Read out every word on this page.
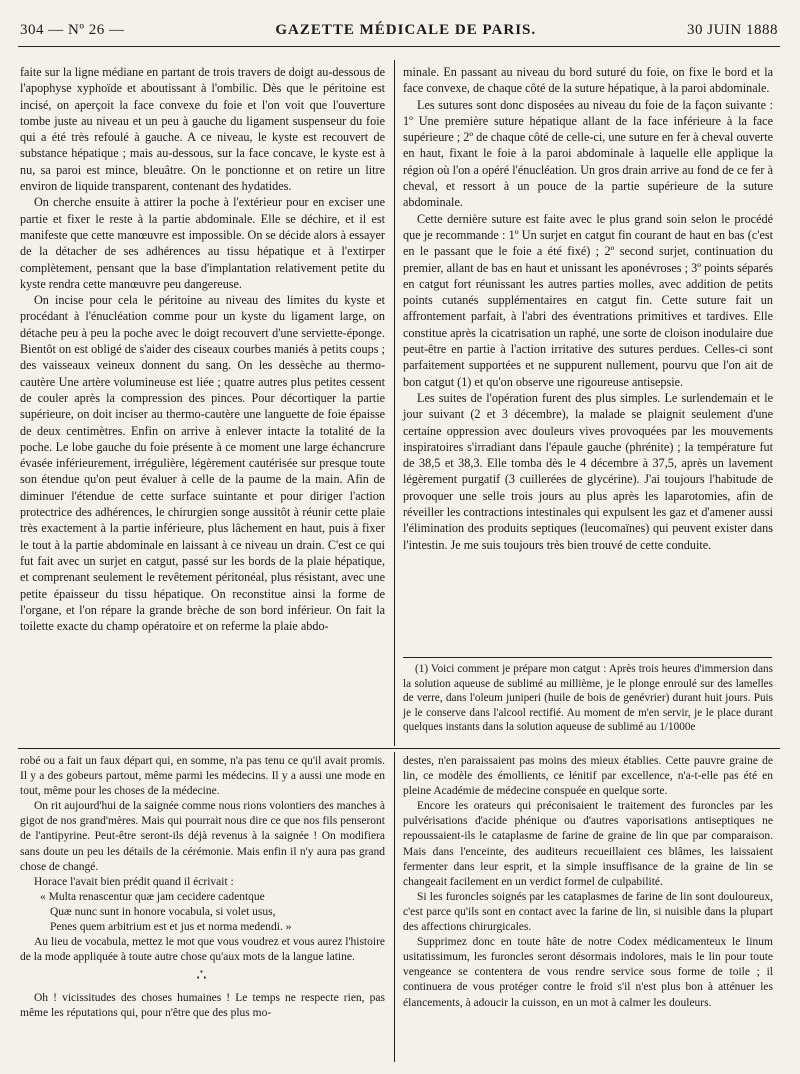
304 — Nº 26 —	GAZETTE MÉDICALE DE PARIS.	30 JUIN 1888

faite sur la ligne médiane en partant de trois travers de doigt au-dessous de l'apophyse xyphoïde et aboutissant à l'ombilic. Dès que le péritoine est incisé, on aperçoit la face convexe du foie et l'on voit que l'ouverture tombe juste au niveau et un peu à gauche du ligament suspenseur du foie qui a été très refoulé à gauche. A ce niveau, le kyste est recouvert de substance hépatique ; mais au-dessous, sur la face concave, le kyste est à nu, sa paroi est mince, bleuâtre. On le ponctionne et on retire un litre environ de liquide transparent, contenant des hydatides.

On cherche ensuite à attirer la poche à l'extérieur pour en exciser une partie et fixer le reste à la partie abdominale. Elle se déchire, et il est manifeste que cette manœuvre est impossible. On se décide alors à essayer de la détacher de ses adhérences au tissu hépatique et à l'extirper complètement, pensant que la base d'implantation relativement petite du kyste rendra cette manœuvre peu dangereuse.

On incise pour cela le péritoine au niveau des limites du kyste et procédant à l'énucléation comme pour un kyste du ligament large, on détache peu à peu la poche avec le doigt recouvert d'une serviette-éponge. Bientôt on est obligé de s'aider des ciseaux courbes maniés à petits coups ; des vaisseaux veineux donnent du sang. On les dessèche au thermo-cautère Une artère volumineuse est liée ; quatre autres plus petites cessent de couler après la compression des pinces. Pour décortiquer la partie supérieure, on doit inciser au thermo-cautère une languette de foie épaisse de deux centimètres. Enfin on arrive à enlever intacte la totalité de la poche. Le lobe gauche du foie présente à ce moment une large échancrure évasée inférieurement, irrégulière, légèrement cautérisée sur presque toute son étendue qu'on peut évaluer à celle de la paume de la main. Afin de diminuer l'étendue de cette surface suintante et pour diriger l'action protectrice des adhérences, le chirurgien songe aussitôt à réunir cette plaie très exactement à la partie inférieure, plus lâchement en haut, puis à fixer le tout à la partie abdominale en laissant à ce niveau un drain. C'est ce qui fut fait avec un surjet en catgut, passé sur les bords de la plaie hépatique, et comprenant seulement le revêtement péritonéal, plus résistant, avec une petite épaisseur du tissu hépatique. On reconstitue ainsi la forme de l'organe, et l'on répare la grande brèche de son bord inférieur. On fait la toilette exacte du champ opératoire et on referme la plaie abdo-

minale. En passant au niveau du bord suturé du foie, on fixe le bord et la face convexe, de chaque côté de la suture hépatique, à la paroi abdominale.

Les sutures sont donc disposées au niveau du foie de la façon suivante : 1º Une première suture hépatique allant de la face inférieure à la face supérieure ; 2º de chaque côté de celle-ci, une suture en fer à cheval ouverte en haut, fixant le foie à la paroi abdominale à laquelle elle applique la région où l'on a opéré l'énucléation. Un gros drain arrive au fond de ce fer à cheval, et ressort à un pouce de la partie supérieure de la suture abdominale.

Cette dernière suture est faite avec le plus grand soin selon le procédé que je recommande : 1º Un surjet en catgut fin courant de haut en bas (c'est en le passant que le foie a été fixé) ; 2º second surjet, continuation du premier, allant de bas en haut et unissant les aponévroses ; 3º points séparés en catgut fort réunissant les autres parties molles, avec addition de petits points cutanés supplémentaires en catgut fin. Cette suture fait un affrontement parfait, à l'abri des éventrations primitives et tardives. Elle constitue après la cicatrisation un raphé, une sorte de cloison inodulaire due peut-être en partie à l'action irritative des sutures perdues. Celles-ci sont parfaitement supportées et ne suppurent nullement, pourvu que l'on ait de bon catgut (1) et qu'on observe une rigoureuse antisepsie.

Les suites de l'opération furent des plus simples. Le surlendemain et le jour suivant (2 et 3 décembre), la malade se plaignit seulement d'une certaine oppression avec douleurs vives provoquées par les mouvements inspiratoires s'irradiant dans l'épaule gauche (phrénite) ; la température fut de 38,5 et 38,3. Elle tomba dès le 4 décembre à 37,5, après un lavement légèrement purgatif (3 cuillerées de glycérine). J'ai toujours l'habitude de provoquer une selle trois jours au plus après les laparotomies, afin de réveiller les contractions intestinales qui expulsent les gaz et d'amener aussi l'élimination des produits septiques (leucomaïnes) qui peuvent exister dans l'intestin. Je me suis toujours très bien trouvé de cette conduite.

(1) Voici comment je prépare mon catgut : Après trois heures d'immersion dans la solution aqueuse de sublimé au millième, je le plonge enroulé sur des lamelles de verre, dans l'oleum juniperi (huile de bois de genévrier) durant huit jours. Puis je le conserve dans l'alcool rectifié. Au moment de m'en servir, je le place durant quelques instants dans la solution aqueuse de sublimé au 1/1000e

robé ou a fait un faux départ qui, en somme, n'a pas tenu ce qu'il avait promis. Il y a des gobeurs partout, même parmi les médecins. Il y a aussi une mode en tout, même pour les choses de la médecine.

On rit aujourd'hui de la saignée comme nous rions volontiers des manches à gigot de nos grand'mères. Mais qui pourrait nous dire ce que nos fils penseront de l'antipyrine. Peut-être seront-ils déjà revenus à la saignée ! On modifiera sans doute un peu les détails de la cérémonie. Mais enfin il n'y aura pas grand chose de changé.

Horace l'avait bien prédit quand il écrivait :

« Multa renascentur quæ jam cecidere cadentque

Quæ nunc sunt in honore vocabula, si volet usus,

Penes quem arbitrium est et jus et norma medendi. »

Au lieu de vocabula, mettez le mot que vous voudrez et vous aurez l'histoire de la mode appliquée à toute autre chose qu'aux mots de la langue latine.

∴

Oh ! vicissitudes des choses humaines ! Le temps ne respecte rien, pas même les réputations qui, pour n'être que des plus mo-

destes, n'en paraissaient pas moins des mieux établies. Cette pauvre graine de lin, ce modèle des émollients, ce lénitif par excellence, n'a-t-elle pas été en pleine Académie de médecine conspuée en quelque sorte.

Encore les orateurs qui préconisaient le traitement des furoncles par les pulvérisations d'acide phénique ou d'autres vaporisations antiseptiques ne repoussaient-ils le cataplasme de farine de graine de lin que par comparaison. Mais dans l'enceinte, des auditeurs recueillaient ces blâmes, les laissaient fermenter dans leur esprit, et la simple insuffisance de la graine de lin se changeait facilement en un verdict formel de culpabilité.

Si les furoncles soignés par les cataplasmes de farine de lin sont douloureux, c'est parce qu'ils sont en contact avec la farine de lin, si nuisible dans la plupart des affections chirurgicales.

Supprimez donc en toute hâte de notre Codex médicamenteux le linum usitatissimum, les furoncles seront désormais indolores, mais le lin pour toute vengeance se contentera de vous rendre service sous forme de toile ; il continuera de vous protéger contre le froid s'il n'est plus bon à atténuer les élancements, à adoucir la cuisson, en un mot à calmer les douleurs.
